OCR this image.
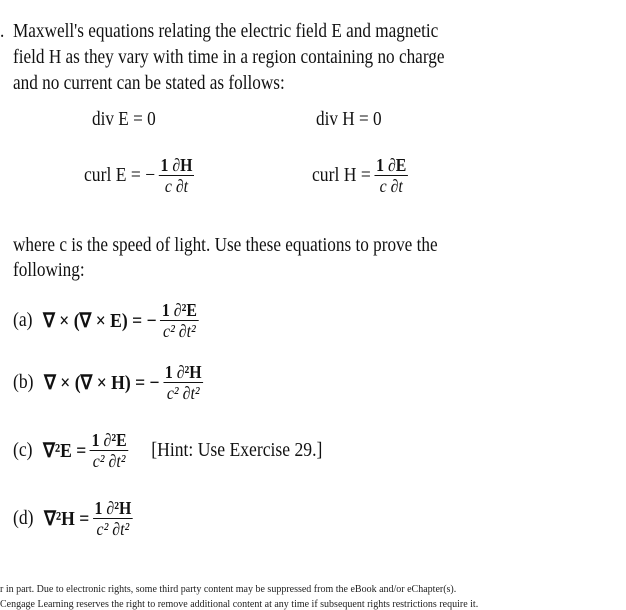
. Maxwell's equations relating the electric field E and magnetic
field H as they vary with time in a region containing no charge
and no current can be stated as follows:
div E = 0	div H = 0
curl E = − $\frac{1 \partial H}{c \partial t}$	curl $H = \frac{1 \partial E}{c \partial t}$
where c is the speed of light. Use these equations to prove the
following:
(a) ∇ × (∇ × E) = − $\frac{\text{1 ∂²E}}{\text{c² ∂t²}}$
(b) ∇ × (∇ × H) = − $\frac{\text{1 ∂²H}}{\text{c² ∂t²}}$
(c) $\nabla^2E = \frac{\text{1 ∂²E}}{\text{c² ∂t²}}$ [Hint: Use Exercise 29.]
(d) $\nabla^2H = \frac{\text{1 ∂²H}}{\text{c² ∂t²}}$
r in part. Due to electronic rights, some third party content may be suppressed from the eBook and/or eChapter(s).
Cengage Learning reserves the right to remove additional content at any time if subsequent rights restrictions require it.
